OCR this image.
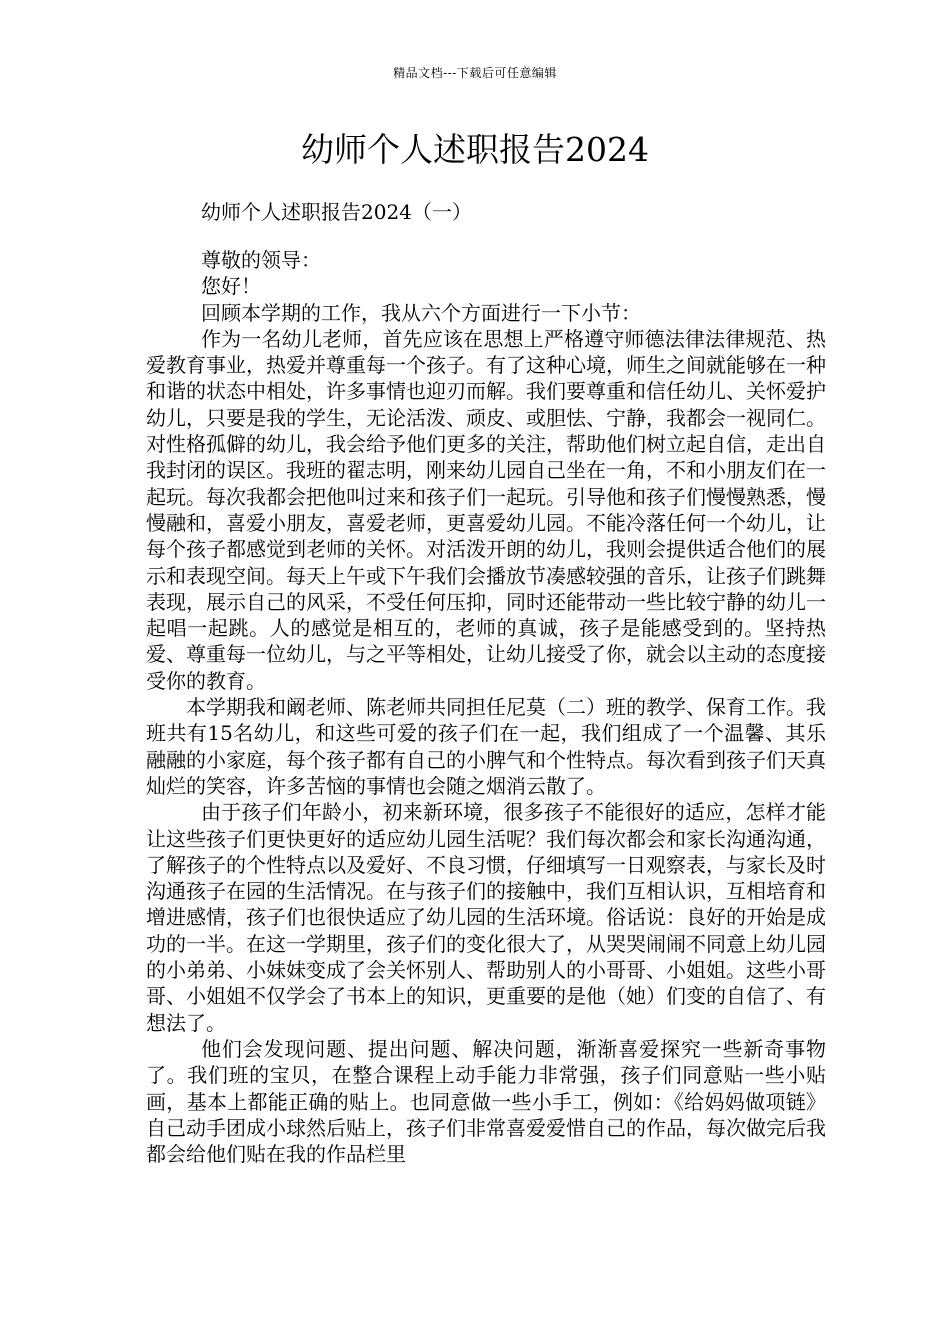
精品文档---下载后可任意编辑
幼师个人述职报告2024
幼师个人述职报告2024（一）

尊敬的领导：

您好！

回顾本学期的工作，我从六个方面进行一下小节：

作为一名幼儿老师，首先应该在思想上严格遵守师德法律法律规范、热爱教育事业，热爱并尊重每一个孩子。有了这种心境，师生之间就能够在一种和谐的状态中相处，许多事情也迎刃而解。我们要尊重和信任幼儿、关怀爱护幼儿，只要是我的学生，无论活泼、顽皮、或胆怯、宁静，我都会一视同仁。对性格孤僻的幼儿，我会给予他们更多的关注，帮助他们树立起自信，走出自我封闭的误区。我班的翟志明，刚来幼儿园自己坐在一角，不和小朋友们在一起玩。每次我都会把他叫过来和孩子们一起玩。引导他和孩子们慢慢熟悉，慢慢融和，喜爱小朋友，喜爱老师，更喜爱幼儿园。不能冷落任何一个幼儿，让每个孩子都感觉到老师的关怀。对活泼开朗的幼儿，我则会提供适合他们的展示和表现空间。每天上午或下午我们会播放节凑感较强的音乐，让孩子们跳舞表现，展示自己的风采，不受任何压抑，同时还能带动一些比较宁静的幼儿一起唱一起跳。人的感觉是相互的，老师的真诚，孩子是能感受到的。坚持热爱、尊重每一位幼儿，与之平等相处，让幼儿接受了你，就会以主动的态度接受你的教育。

本学期我和阚老师、陈老师共同担任尼莫（二）班的教学、保育工作。我班共有15名幼儿，和这些可爱的孩子们在一起，我们组成了一个温馨、其乐融融的小家庭，每个孩子都有自己的小脾气和个性特点。每次看到孩子们天真灿烂的笑容，许多苦恼的事情也会随之烟消云散了。

由于孩子们年龄小，初来新环境，很多孩子不能很好的适应，怎样才能让这些孩子们更快更好的适应幼儿园生活呢？我们每次都会和家长沟通沟通，了解孩子的个性特点以及爱好、不良习惯，仔细填写一日观察表，与家长及时沟通孩子在园的生活情况。在与孩子们的接触中，我们互相认识，互相培育和增进感情，孩子们也很快适应了幼儿园的生活环境。俗话说：良好的开始是成功的一半。在这一学期里，孩子们的变化很大了，从哭哭闹闹不同意上幼儿园的小弟弟、小妹妹变成了会关怀别人、帮助别人的小哥哥、小姐姐。这些小哥哥、小姐姐不仅学会了书本上的知识，更重要的是他（她）们变的自信了、有想法了。

他们会发现问题、提出问题、解决问题，渐渐喜爱探究一些新奇事物了。我们班的宝贝，在整合课程上动手能力非常强，孩子们同意贴一些小贴画，基本上都能正确的贴上。也同意做一些小手工，例如：《给妈妈做项链》自己动手团成小球然后贴上，孩子们非常喜爱爱惜自己的作品，每次做完后我都会给他们贴在我的作品栏里
